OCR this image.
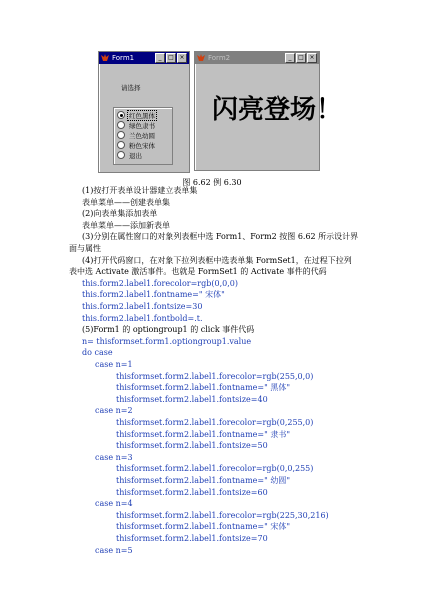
Form1	_	□ ×
请选择
红色黑体
绿色隶书
兰色幼圆
粉色宋体
退出
Form2	_	□ ×
闪亮登场！
图 6.62 例 6.30
(1)按打开表单设计器建立表单集
表单菜单——创建表单集
(2)向表单集添加表单
表单菜单——添加新表单
(3)分别在属性窗口的对象列表框中选 Form1、Form2 按图 6.62 所示设计界
面与属性
(4)打开代码窗口，在对象下拉列表框中选表单集 FormSet1，在过程下拉列
表中选 Activate 激活事件。也就是 FormSet1 的 Activate 事件的代码
this.form2.label1.forecolor=rgb(0,0,0)
this.form2.label1.fontname=" 宋体"
this.form2.label1.fontsize=30
this.form2.label1.fontbold=.t.
(5)Form1 的 optiongroup1 的 click 事件代码
n= thisformset.form1.optiongroup1.value
do case
case n=1
thisformset.form2.label1.forecolor=rgb(255,0,0)
thisformset.form2.label1.fontname=" 黑体"
thisformset.form2.label1.fontsize=40
case n=2
thisformset.form2.label1.forecolor=rgb(0,255,0)
thisformset.form2.label1.fontname=" 隶书"
thisformset.form2.label1.fontsize=50
case n=3
thisformset.form2.label1.forecolor=rgb(0,0,255)
thisformset.form2.label1.fontname=" 幼圆"
thisformset.form2.label1.fontsize=60
case n=4
thisformset.form2.label1.forecolor=rgb(225,30,216)
thisformset.form2.label1.fontname=" 宋体"
thisformset.form2.label1.fontsize=70
case n=5
